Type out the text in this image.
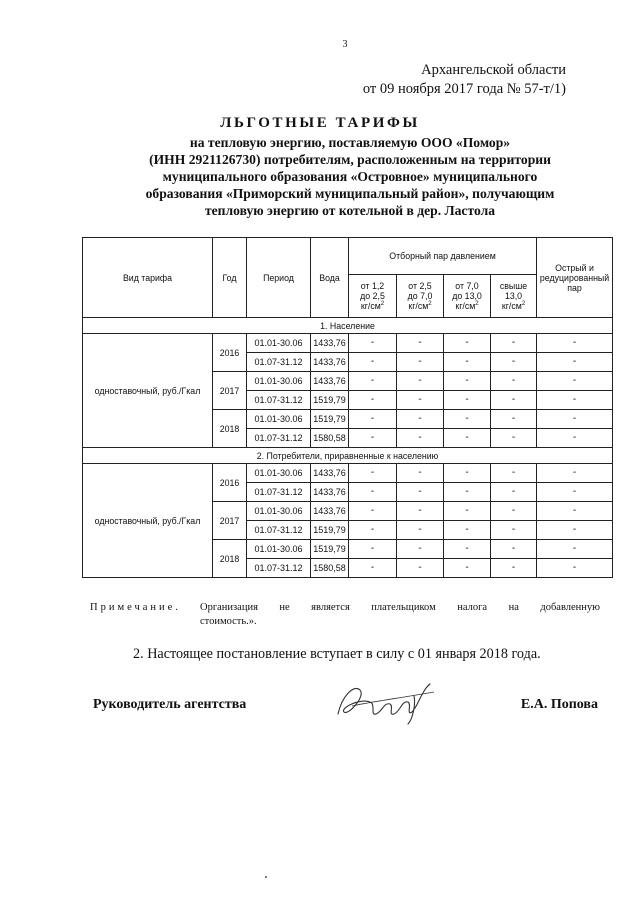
3
Архангельской области
от 09 ноября 2017 года № 57-т/1)
ЛЬГОТНЫЕ ТАРИФЫ
на тепловую энергию, поставляемую ООО «Помор»
(ИНН 2921126730) потребителям, расположенным на территории
муниципального образования «Островное» муниципального
образования «Приморский муниципальный район», получающим
тепловую энергию от котельной в дер. Ластола
Вид тарифа	Год	Период	Вода	Отборный пар давлением				Острый и
редуцированный
пар
				от 1,2
до 2,5
$кг/см^2$	от 2,5
до 7,0
$кг/см^2$	от 7,0
до 13,0
$кг/см^2$	свыше
13,0
$кг/см^2$
1. Население								
одноставочный, руб./Гкал	2016	01.01-30.06	1433,76	-	-	-	-	-
		01.07-31.12	1433,76	-	-	-	-	-
	2017	01.01-30.06	1433,76	-	-	-	-	-
		01.07-31.12	1519,79	-	-	-	-	-
	2018	01.01-30.06	1519,79	-	-	-	-	-
		01.07-31.12	1580,58	-	-	-	-	-
2. Потребители, приравненные к населению								
одноставочный, руб./Гкал	2016	01.01-30.06	1433,76	-	-	-	-	-
		01.07-31.12	1433,76	-	-	-	-	-
	2017	01.01-30.06	1433,76	-	-	-	-	-
		01.07-31.12	1519,79	-	-	-	-	-
	2018	01.01-30.06	1519,79	-	-	-	-	-
		01.07-31.12	1580,58	-	-	-	-	-
Примечание. Организация не является плательщиком налога на добавленную
стоимость.».
2. Настоящее постановление вступает в силу с 01 января 2018 года.
Руководитель агентства	Е.А. Попова
